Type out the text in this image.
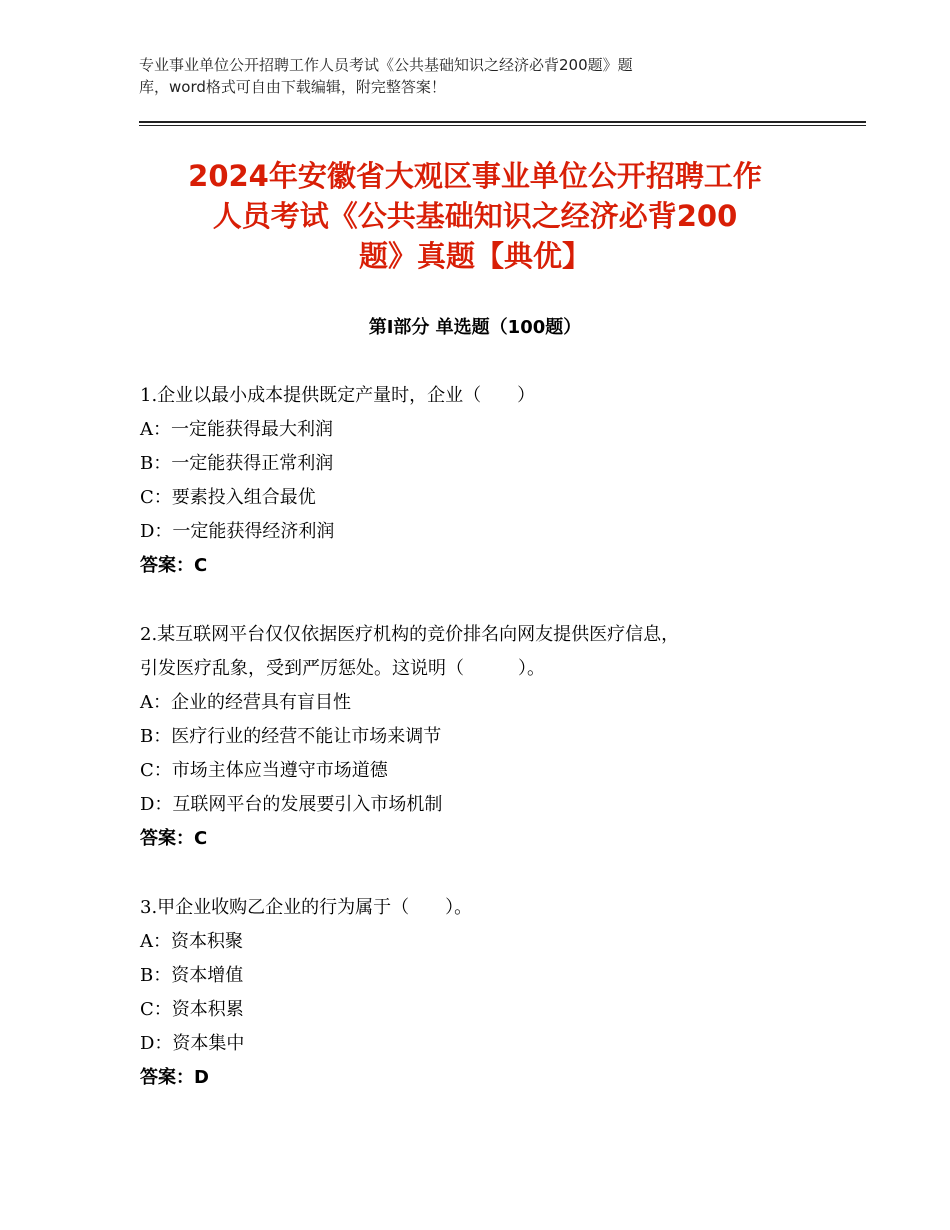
专业事业单位公开招聘工作人员考试《公共基础知识之经济必背200题》题
库，word格式可自由下载编辑，附完整答案！
2024年安徽省大观区事业单位公开招聘工作
人员考试《公共基础知识之经济必背200
题》真题【典优】
第Ⅰ部分 单选题（100题）

1.企业以最小成本提供既定产量时，企业（　　）

A：一定能获得最大利润

B：一定能获得正常利润

C：要素投入组合最优

D：一定能获得经济利润

答案：C

2.某互联网平台仅仅依据医疗机构的竞价排名向网友提供医疗信息，

引发医疗乱象，受到严厉惩处。这说明（　　　）。

A：企业的经营具有盲目性

B：医疗行业的经营不能让市场来调节

C：市场主体应当遵守市场道德

D：互联网平台的发展要引入市场机制

答案：C

3.甲企业收购乙企业的行为属于（　　）。

A：资本积聚

B：资本增值

C：资本积累

D：资本集中

答案：D
